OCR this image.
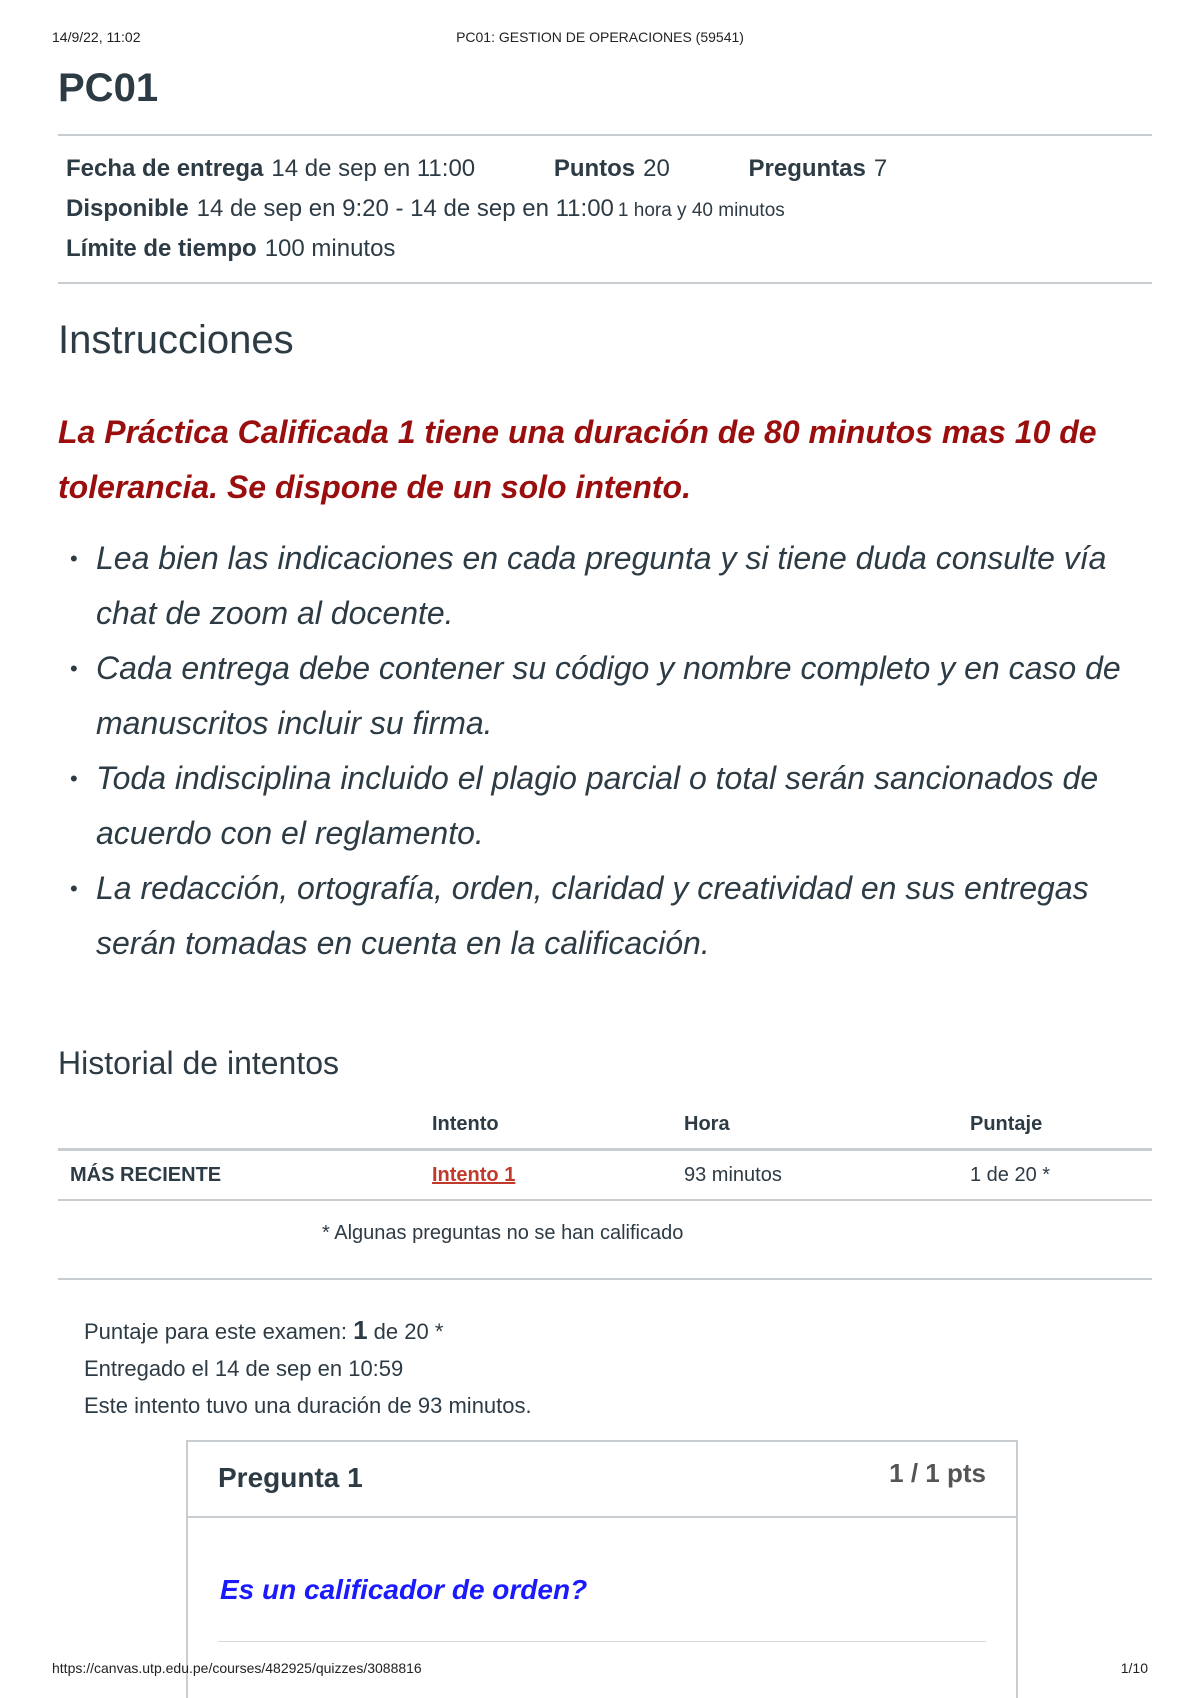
14/9/22, 11:02	PC01: GESTION DE OPERACIONES (59541)
PC01
Fecha de entrega 14 de sep en 11:00	Puntos 20	Preguntas 7
Disponible 14 de sep en 9:20 - 14 de sep en 11:00 1 hora y 40 minutos
Límite de tiempo 100 minutos
Instrucciones
La Práctica Calificada 1 tiene una duración de 80 minutos mas 10 de tolerancia. Se dispone de un solo intento.
• Lea bien las indicaciones en cada pregunta y si tiene duda consulte vía chat de zoom al docente.
• Cada entrega debe contener su código y nombre completo y en caso de manuscritos incluir su firma.
• Toda indisciplina incluido el plagio parcial o total serán sancionados de acuerdo con el reglamento.
• La redacción, ortografía, orden, claridad y creatividad en sus entregas serán tomadas en cuenta en la calificación.
Historial de intentos
	Intento	Hora	Puntaje
MÁS RECIENTE	Intento 1	93 minutos	1 de 20 *
* Algunas preguntas no se han calificado
Puntaje para este examen: 1 de 20 *
Entregado el 14 de sep en 10:59
Este intento tuvo una duración de 93 minutos.
Pregunta 1	1 / 1 pts
Es un calificador de orden?
https://canvas.utp.edu.pe/courses/482925/quizzes/3088816	1/10
